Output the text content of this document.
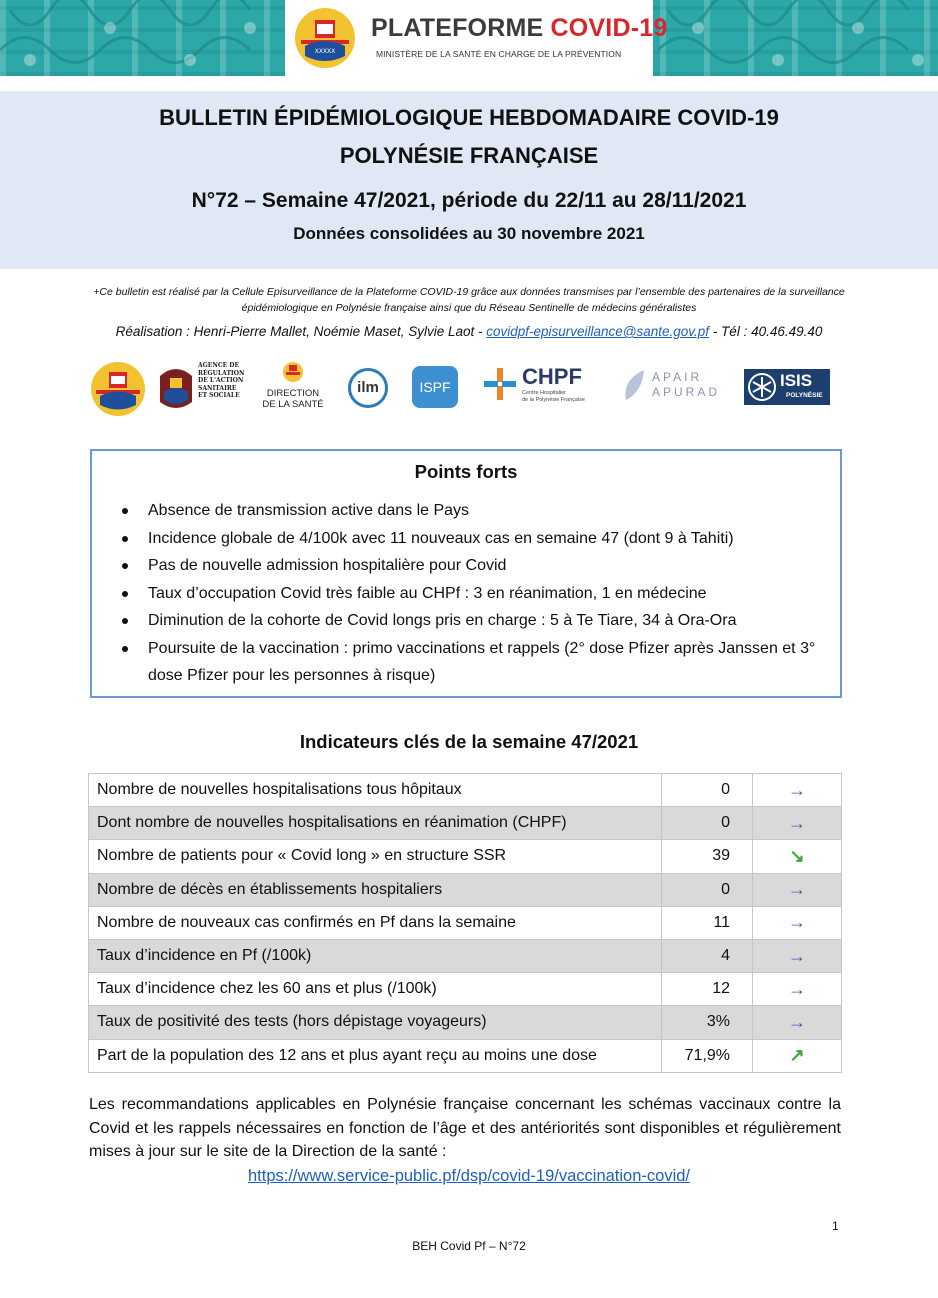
XXXXX
PLATEFORME COVID-19
MINISTÈRE DE LA SANTÉ EN CHARGE DE LA PRÉVENTION
BULLETIN ÉPIDÉMIOLOGIQUE HEBDOMADAIRE COVID-19
POLYNÉSIE FRANÇAISE
N°72 – Semaine 47/2021, période du 22/11 au 28/11/2021
Données consolidées au 30 novembre 2021
+Ce bulletin est réalisé par la Cellule Episurveillance de la Plateforme COVID-19 grâce aux données transmises par l’ensemble des partenaires de la surveillance épidémiologique en Polynésie française ainsi que du Réseau Sentinelle de médecins généralistes
Réalisation : Henri-Pierre Mallet, Noémie Maset, Sylvie Laot - covidpf-episurveillance@sante.gov.pf - Tél : 40.46.49.40
AGENCE DE
RÉGULATION
DE L'ACTION
SANITAIRE
ET SOCIALE	DIRECTION
DE LA SANTÉ
ilm	ISPF	CHPF
Centre Hospitalier
de la Polynésie Française
APAIR
APURAD
ISIS
POLYNÉSIE
Points forts
Absence de transmission active dans le Pays
Incidence globale de 4/100k avec 11 nouveaux cas en semaine 47 (dont 9 à Tahiti)
Pas de nouvelle admission hospitalière pour Covid
Taux d’occupation Covid très faible au CHPf : 3 en réanimation, 1 en médecine
Diminution de la cohorte de Covid longs pris en charge : 5 à Te Tiare, 34 à Ora-Ora
Poursuite de la vaccination : primo vaccinations et rappels (2° dose Pfizer après Janssen et 3° dose Pfizer pour les personnes à risque)
Indicateurs clés de la semaine 47/2021
Nombre de nouvelles hospitalisations tous hôpitaux	0	→
Dont nombre de nouvelles hospitalisations en réanimation (CHPF)	0	→
Nombre de patients pour « Covid long » en structure SSR	39	↘
Nombre de décès en établissements hospitaliers	0	→
Nombre de nouveaux cas confirmés en Pf dans la semaine	11	→
Taux d’incidence en Pf (/100k)	4	→
Taux d’incidence chez les 60 ans et plus (/100k)	12	→
Taux de positivité des tests (hors dépistage voyageurs)	3%	→
Part de la population des 12 ans et plus ayant reçu au moins une dose	71,9%	↗
Les recommandations applicables en Polynésie française concernant les schémas vaccinaux contre la Covid et les rappels nécessaires en fonction de l’âge et des antériorités sont disponibles et régulièrement mises à jour sur le site de la Direction de la santé :
https://www.service-public.pf/dsp/covid-19/vaccination-covid/
1
BEH Covid Pf – N°72
